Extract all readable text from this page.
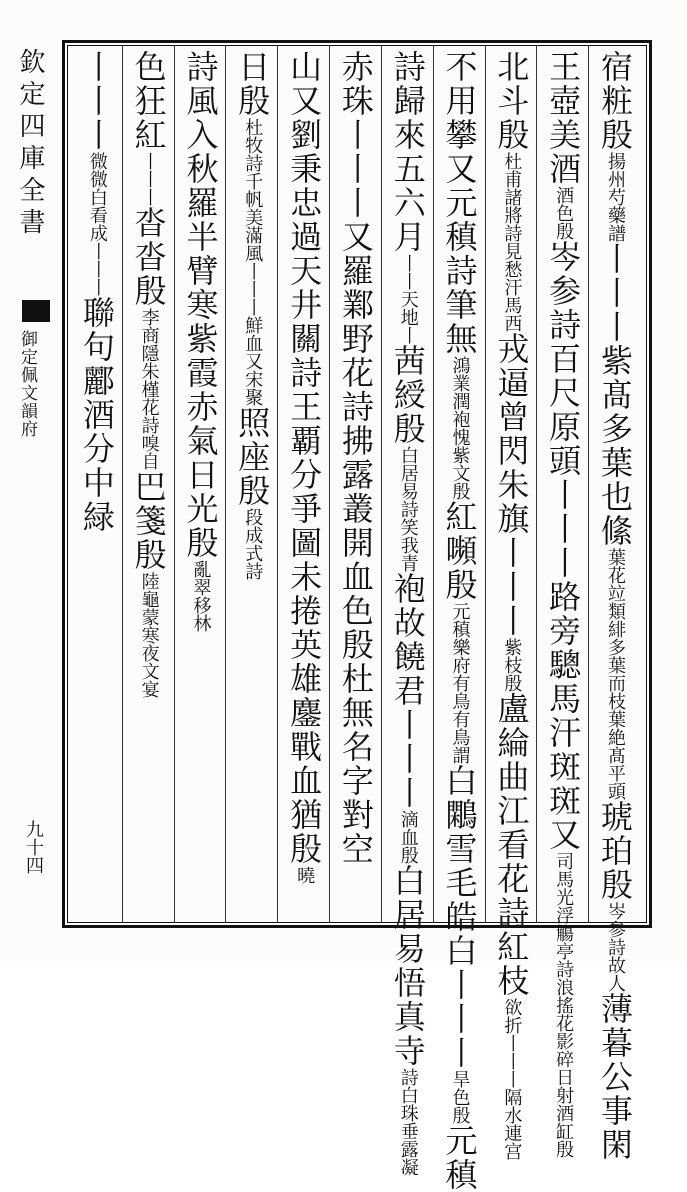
欽定四庫全書
御定佩文韻府
九十四
宿粧殷揚州芍藥譜丨丨丨紫髙多葉也絛葉花竝類緋多葉而枝葉絶髙平頭琥珀殷岑参詩故人薄暮公事閑
王壺美酒酒色殷岑参詩百尺原頭丨丨丨路旁驄馬汗斑斑又司馬光浮觴亭詩浪搖花影碎日射酒缸殷
北斗殷杜甫諸將詩見愁汗馬西戎逼曾閃朱旗丨丨丨紫枝殷盧綸曲江看花詩紅枝欲折丨丨丨隔水連宫
不用攀又元稹詩筆無鴻業潤袍愧紫文殷紅嚬殷元稹樂府有鳥有鳥謂白鷴雪毛皓白丨丨丨旱色殷元稹
詩歸來五六月丨丨天地丨茜綬殷白居易詩笑我青袍故饒君丨丨丨滴血殷白居易悟真寺詩白珠垂露凝
赤珠丨丨丨又羅鄴野花詩拂露叢開血色殷杜無名字對空
山又劉秉忠過天井關詩王覇分爭圖未捲英雄鏖戰血猶殷曉
日殷杜牧詩千帆美滿風丨丨丨鮮血又宋聚照座殷段成式詩
詩風入秋羅半臂寒紫霞赤氣日光殷亂翠移林
色狂紅丨丨丨沓沓殷李商隱朱槿花詩嗅自巴箋殷陸龜蒙寒夜文宴
丨丨丨微微白看成丨丨丨聯句酈酒分中緑
